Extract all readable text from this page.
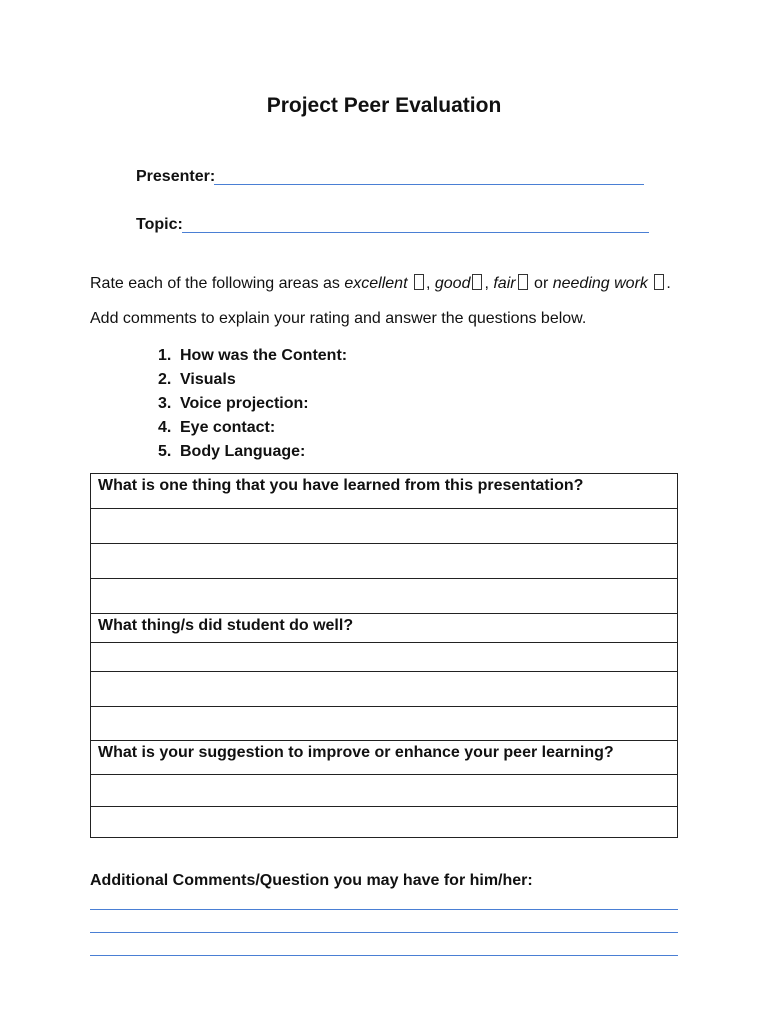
Project Peer Evaluation
Presenter:
Topic:
Rate each of the following areas as excellent , good , fair or needing work .
Add comments to explain your rating and answer the questions below.
1. How was the Content:
2. Visuals
3. Voice projection:
4. Eye contact:
5. Body Language:
What is one thing that you have learned from this presentation?

What thing/s did student do well?

What is your suggestion to improve or enhance your peer learning?

Additional Comments/Question you may have for him/her:
